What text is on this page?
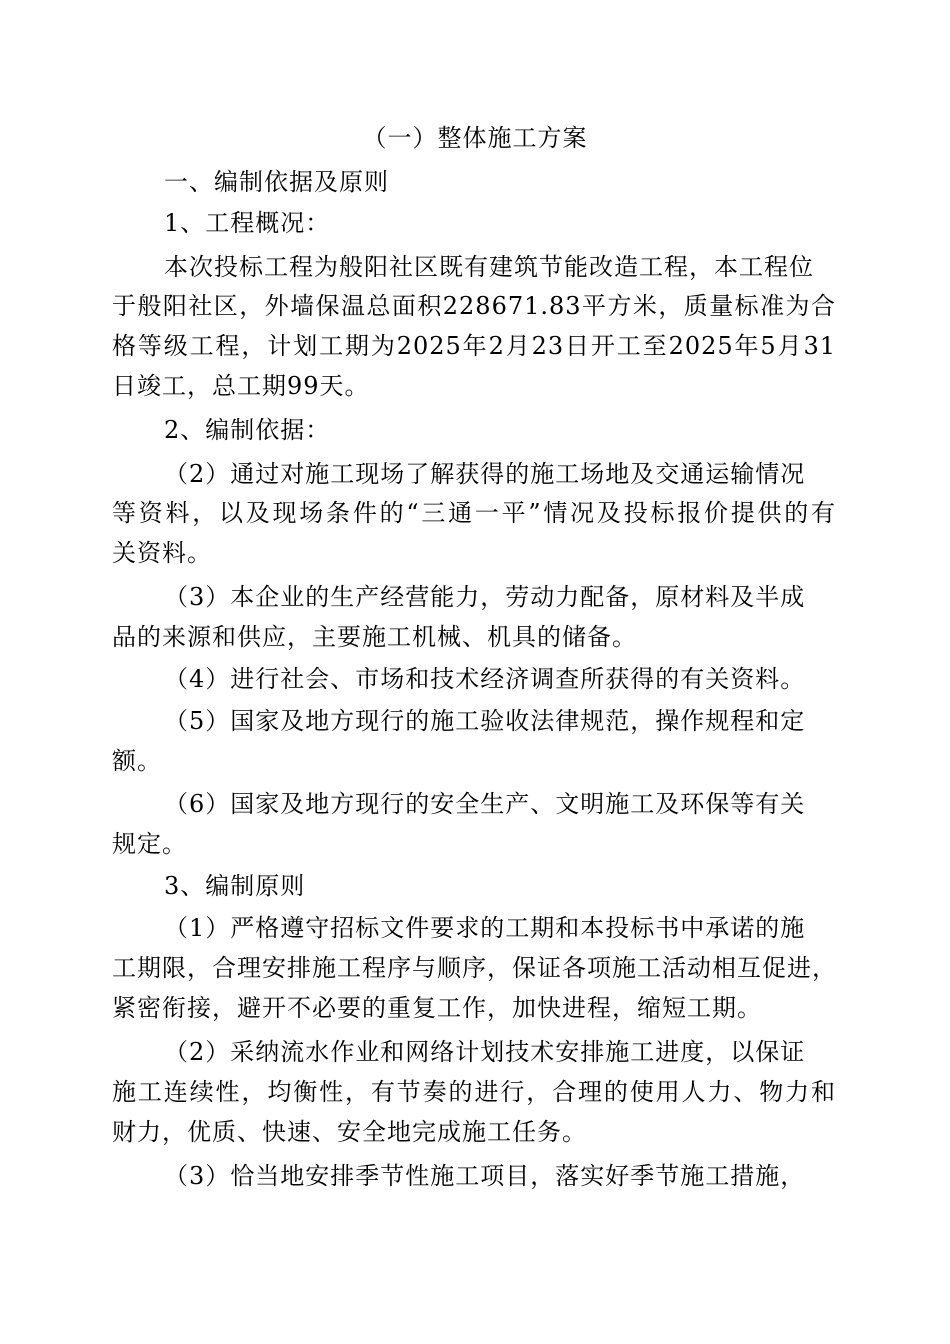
（一）整体施工方案
一、编制依据及原则
1、工程概况：
本次投标工程为般阳社区既有建筑节能改造工程，本工程位
于般阳社区，外墙保温总面积228671.83平方米，质量标准为合
格等级工程，计划工期为2025年2月23日开工至2025年5月31
日竣工，总工期99天。
2、编制依据：
（2）通过对施工现场了解获得的施工场地及交通运输情况
等资料，以及现场条件的“三通一平”情况及投标报价提供的有
关资料。
（3）本企业的生产经营能力，劳动力配备，原材料及半成
品的来源和供应，主要施工机械、机具的储备。
（4）进行社会、市场和技术经济调查所获得的有关资料。
（5）国家及地方现行的施工验收法律规范，操作规程和定
额。
（6）国家及地方现行的安全生产、文明施工及环保等有关
规定。
3、编制原则
（1）严格遵守招标文件要求的工期和本投标书中承诺的施
工期限，合理安排施工程序与顺序，保证各项施工活动相互促进，
紧密衔接，避开不必要的重复工作，加快进程，缩短工期。
（2）采纳流水作业和网络计划技术安排施工进度，以保证
施工连续性，均衡性，有节奏的进行，合理的使用人力、物力和
财力，优质、快速、安全地完成施工任务。
（3）恰当地安排季节性施工项目，落实好季节施工措施，
